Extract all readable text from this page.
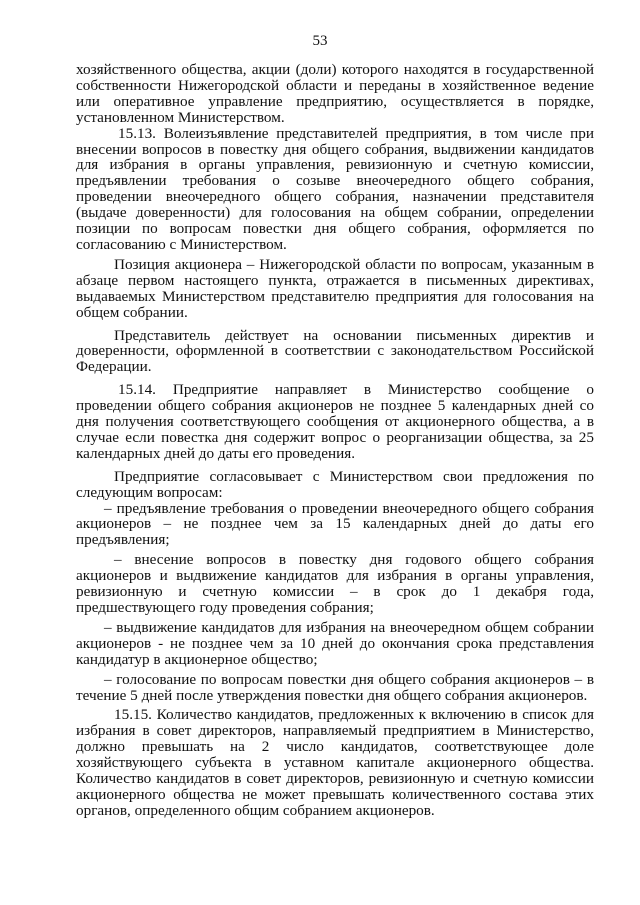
53

хозяйственного общества, акции (доли) которого находятся в государственной собственности Нижегородской области и переданы в хозяйственное ведение или оперативное управление предприятию, осуществляется в порядке, установленном Министерством.

15.13. Волеизъявление представителей предприятия, в том числе при внесении вопросов в повестку дня общего собрания, выдвижении кандидатов для избрания в органы управления, ревизионную и счетную комиссии, предъявлении требования о созыве внеочередного общего собрания, проведении внеочередного общего собрания, назначении представителя (выдаче доверенности) для голосования на общем собрании, определении позиции по вопросам повестки дня общего собрания, оформляется по согласованию с Министерством.

Позиция акционера – Нижегородской области по вопросам, указанным в абзаце первом настоящего пункта, отражается в письменных директивах, выдаваемых Министерством представителю предприятия для голосования на общем собрании.

Представитель действует на основании письменных директив и доверенности, оформленной в соответствии с законодательством Российской Федерации.

15.14. Предприятие направляет в Министерство сообщение о проведении общего собрания акционеров не позднее 5 календарных дней со дня получения соответствующего сообщения от акционерного общества, а в случае если повестка дня содержит вопрос о реорганизации общества, за 25 календарных дней до даты его проведения.

Предприятие согласовывает с Министерством свои предложения по следующим вопросам:

– предъявление требования о проведении внеочередного общего собрания акционеров – не позднее чем за 15 календарных дней до даты его предъявления;

– внесение вопросов в повестку дня годового общего собрания акционеров и выдвижение кандидатов для избрания в органы управления, ревизионную и счетную комиссии – в срок до 1 декабря года, предшествующего году проведения собрания;

– выдвижение кандидатов для избрания на внеочередном общем собрании акционеров - не позднее чем за 10 дней до окончания срока представления кандидатур в акционерное общество;

– голосование по вопросам повестки дня общего собрания акционеров – в течение 5 дней после утверждения повестки дня общего собрания акционеров.

15.15. Количество кандидатов, предложенных к включению в список для избрания в совет директоров, направляемый предприятием в Министерство, должно превышать на 2 число кандидатов, соответствующее доле хозяйствующего субъекта в уставном капитале акционерного общества. Количество кандидатов в совет директоров, ревизионную и счетную комиссии акционерного общества не может превышать количественного состава этих органов, определенного общим собранием акционеров.
